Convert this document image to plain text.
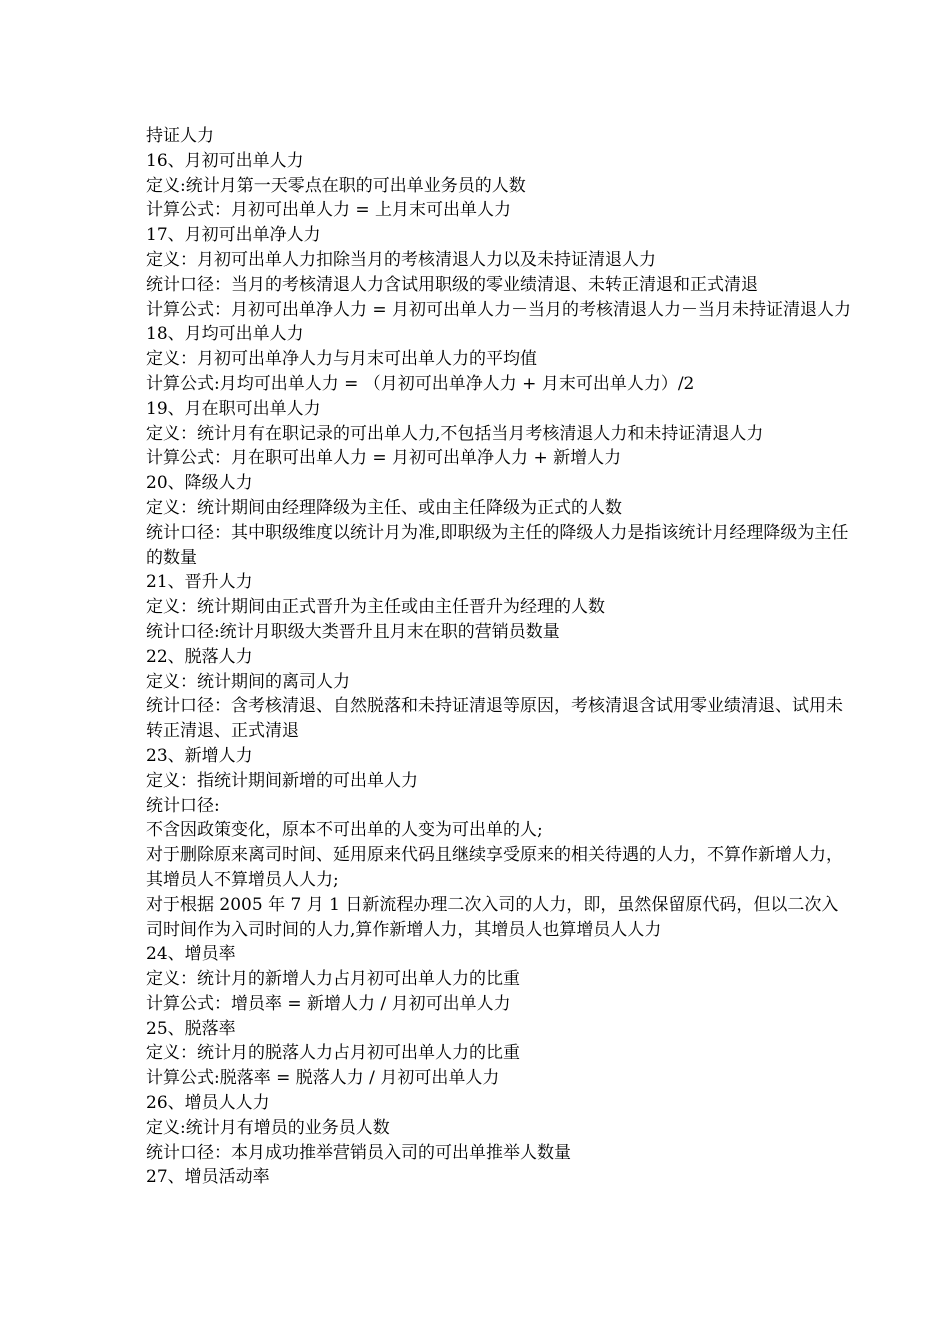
持证人力

16、月初可出单人力

定义:统计月第一天零点在职的可出单业务员的人数

计算公式：月初可出单人力 = 上月末可出单人力

17、月初可出单净人力

定义：月初可出单人力扣除当月的考核清退人力以及未持证清退人力

统计口径：当月的考核清退人力含试用职级的零业绩清退、未转正清退和正式清退

计算公式：月初可出单净人力 = 月初可出单人力－当月的考核清退人力－当月未持证清退人力

18、月均可出单人力

定义：月初可出单净人力与月末可出单人力的平均值

计算公式:月均可出单人力 = （月初可出单净人力 + 月末可出单人力）/2

19、月在职可出单人力

定义：统计月有在职记录的可出单人力,不包括当月考核清退人力和未持证清退人力

计算公式：月在职可出单人力 = 月初可出单净人力 + 新增人力

20、降级人力

定义：统计期间由经理降级为主任、或由主任降级为正式的人数

统计口径：其中职级维度以统计月为准,即职级为主任的降级人力是指该统计月经理降级为主任的数量

21、晋升人力

定义：统计期间由正式晋升为主任或由主任晋升为经理的人数

统计口径:统计月职级大类晋升且月末在职的营销员数量

22、脱落人力

定义：统计期间的离司人力

统计口径：含考核清退、自然脱落和未持证清退等原因，考核清退含试用零业绩清退、试用未转正清退、正式清退

23、新增人力

定义：指统计期间新增的可出单人力

统计口径:

不含因政策变化，原本不可出单的人变为可出单的人;

对于删除原来离司时间、延用原来代码且继续享受原来的相关待遇的人力，不算作新增人力，其增员人不算增员人人力;

对于根据 2005 年 7 月 1 日新流程办理二次入司的人力，即，虽然保留原代码，但以二次入司时间作为入司时间的人力,算作新增人力，其增员人也算增员人人力

24、增员率

定义：统计月的新增人力占月初可出单人力的比重

计算公式：增员率 = 新增人力 / 月初可出单人力

25、脱落率

定义：统计月的脱落人力占月初可出单人力的比重

计算公式:脱落率 = 脱落人力 / 月初可出单人力

26、增员人人力

定义:统计月有增员的业务员人数

统计口径：本月成功推举营销员入司的可出单推举人数量

27、增员活动率
